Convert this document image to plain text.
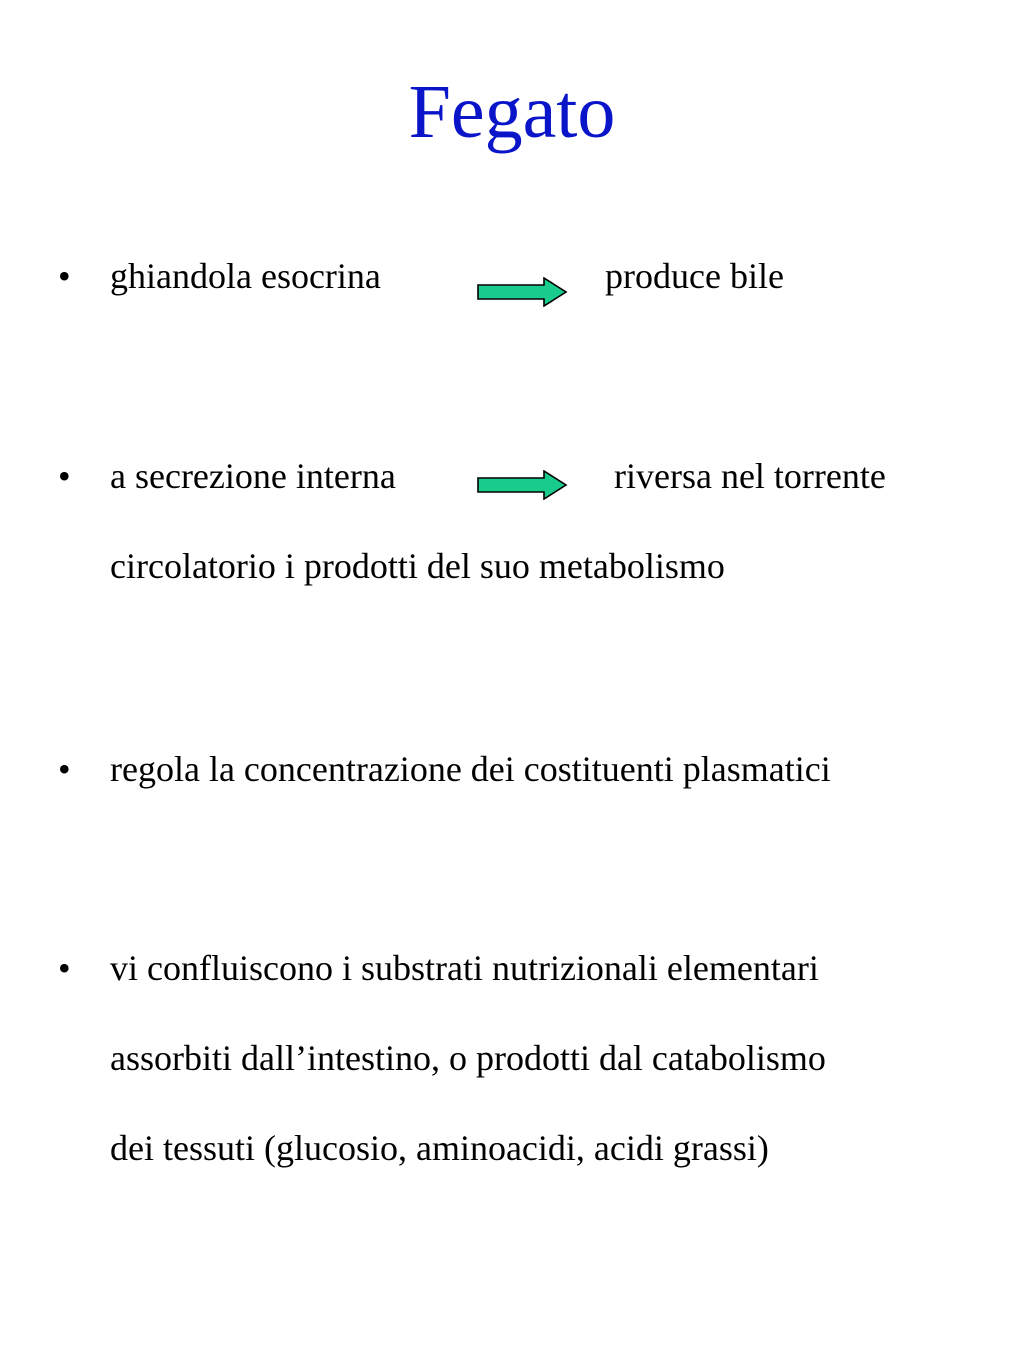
Fegato
• ghiandola esocrina	produce bile
• a secrezione interna	riversa nel torrente
circolatorio i prodotti del suo metabolismo
• regola la concentrazione dei costituenti plasmatici
• vi confluiscono i substrati nutrizionali elementari
assorbiti dall’intestino, o prodotti dal catabolismo
dei tessuti (glucosio, aminoacidi, acidi grassi)
